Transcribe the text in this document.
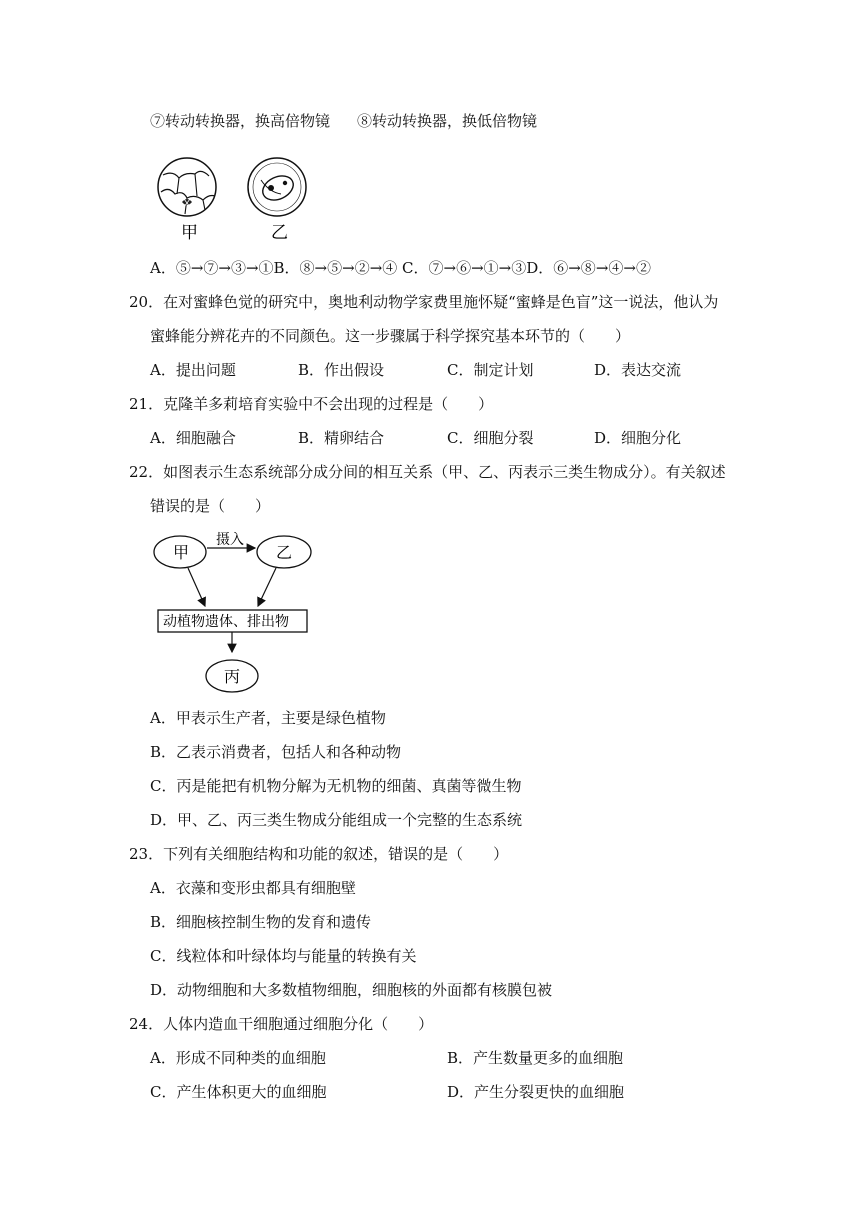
⑦转动转换器，换高倍物镜 ⑧转动转换器，换低倍物镜
甲	乙
A．⑤→⑦→③→①B．⑧→⑤→②→④ C．⑦→⑥→①→③D．⑥→⑧→④→②
20．在对蜜蜂色觉的研究中，奥地利动物学家费里施怀疑“蜜蜂是色盲”这一说法，他认为
蜜蜂能分辨花卉的不同颜色。这一步骤属于科学探究基本环节的（　　）
A．提出问题	B．作出假设	C．制定计划	D．表达交流
21．克隆羊多莉培育实验中不会出现的过程是（　　）
A．细胞融合	B．精卵结合	C．细胞分裂	D．细胞分化
22．如图表示生态系统部分成分间的相互关系（甲、乙、丙表示三类生物成分）。有关叙述
错误的是（　　）
甲	乙
摄入
动植物遗体、排出物
丙
A．甲表示生产者，主要是绿色植物
B．乙表示消费者，包括人和各种动物
C．丙是能把有机物分解为无机物的细菌、真菌等微生物
D．甲、乙、丙三类生物成分能组成一个完整的生态系统
23．下列有关细胞结构和功能的叙述，错误的是（　　）
A．衣藻和变形虫都具有细胞壁
B．细胞核控制生物的发育和遗传
C．线粒体和叶绿体均与能量的转换有关
D．动物细胞和大多数植物细胞，细胞核的外面都有核膜包被
24．人体内造血干细胞通过细胞分化（　　）
A．形成不同种类的血细胞	B．产生数量更多的血细胞
C．产生体积更大的血细胞	D．产生分裂更快的血细胞
